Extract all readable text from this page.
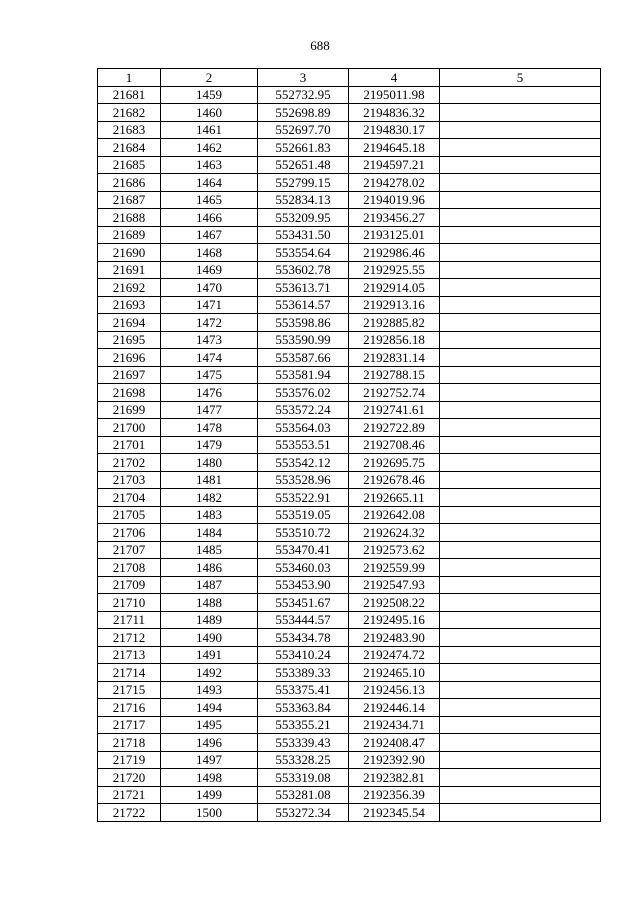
688
1	2	3	4	5
21681	1459	552732.95	2195011.98	
21682	1460	552698.89	2194836.32	
21683	1461	552697.70	2194830.17	
21684	1462	552661.83	2194645.18	
21685	1463	552651.48	2194597.21	
21686	1464	552799.15	2194278.02	
21687	1465	552834.13	2194019.96	
21688	1466	553209.95	2193456.27	
21689	1467	553431.50	2193125.01	
21690	1468	553554.64	2192986.46	
21691	1469	553602.78	2192925.55	
21692	1470	553613.71	2192914.05	
21693	1471	553614.57	2192913.16	
21694	1472	553598.86	2192885.82	
21695	1473	553590.99	2192856.18	
21696	1474	553587.66	2192831.14	
21697	1475	553581.94	2192788.15	
21698	1476	553576.02	2192752.74	
21699	1477	553572.24	2192741.61	
21700	1478	553564.03	2192722.89	
21701	1479	553553.51	2192708.46	
21702	1480	553542.12	2192695.75	
21703	1481	553528.96	2192678.46	
21704	1482	553522.91	2192665.11	
21705	1483	553519.05	2192642.08	
21706	1484	553510.72	2192624.32	
21707	1485	553470.41	2192573.62	
21708	1486	553460.03	2192559.99	
21709	1487	553453.90	2192547.93	
21710	1488	553451.67	2192508.22	
21711	1489	553444.57	2192495.16	
21712	1490	553434.78	2192483.90	
21713	1491	553410.24	2192474.72	
21714	1492	553389.33	2192465.10	
21715	1493	553375.41	2192456.13	
21716	1494	553363.84	2192446.14	
21717	1495	553355.21	2192434.71	
21718	1496	553339.43	2192408.47	
21719	1497	553328.25	2192392.90	
21720	1498	553319.08	2192382.81	
21721	1499	553281.08	2192356.39	
21722	1500	553272.34	2192345.54	
